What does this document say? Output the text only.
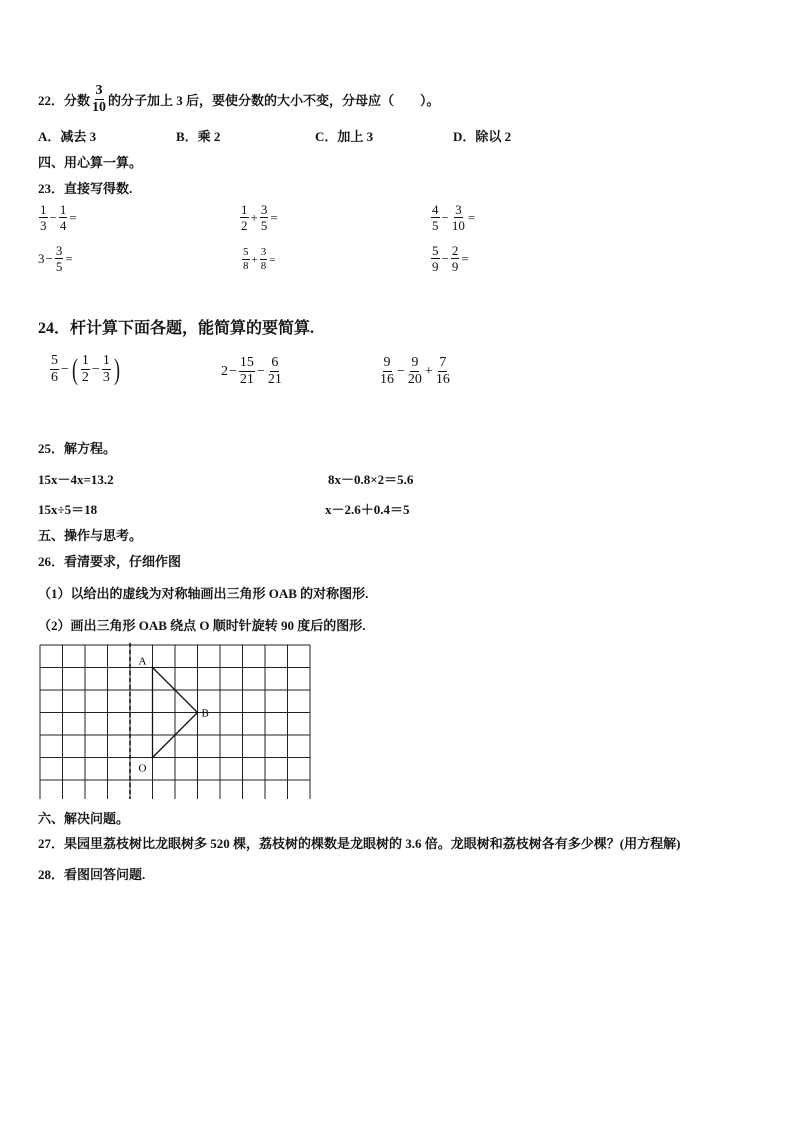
22． 分数 $\frac{3}{10}$ 的分子加上 3 后，要使分数的大小不变，分母应（　　）。
A．减去 3	B．乘 2	C．加上 3	D．除以 2
四、用心算一算。
23．直接写得数.
$\frac{1}{3} - \frac{1}{4}$ =	$\frac{1}{2} + \frac{3}{5}$ =	$\frac{4}{5} - \frac{3}{10}$ =
$3 - \frac{3}{5}$ =	$\frac{5}{8} + \frac{3}{8}$ =	$\frac{5}{9} - \frac{2}{9}$ =
24．杆计算下面各题，能简算的要简算.
$\frac{5}{6}$ − ( $\frac{1}{2} - \frac{1}{3}$ )	$2 - \frac{15}{21} - \frac{6}{21}$	$\frac{9}{16} - \frac{9}{20} + \frac{7}{16}$
25．解方程。
15x－4x=13.2	8x－0.8×2＝5.6
15x÷5＝18	x－2.6＋0.4＝5
五、操作与思考。
26．看清要求，仔细作图
（1）以给出的虚线为对称轴画出三角形 OAB 的对称图形.
（2）画出三角形 OAB 绕点 O 顺时针旋转 90 度后的图形.
A
B
O
六、解决问题。
27．果园里荔枝树比龙眼树多 520 棵，荔枝树的棵数是龙眼树的 3.6 倍。龙眼树和荔枝树各有多少棵？(用方程解)
28．看图回答问题.
